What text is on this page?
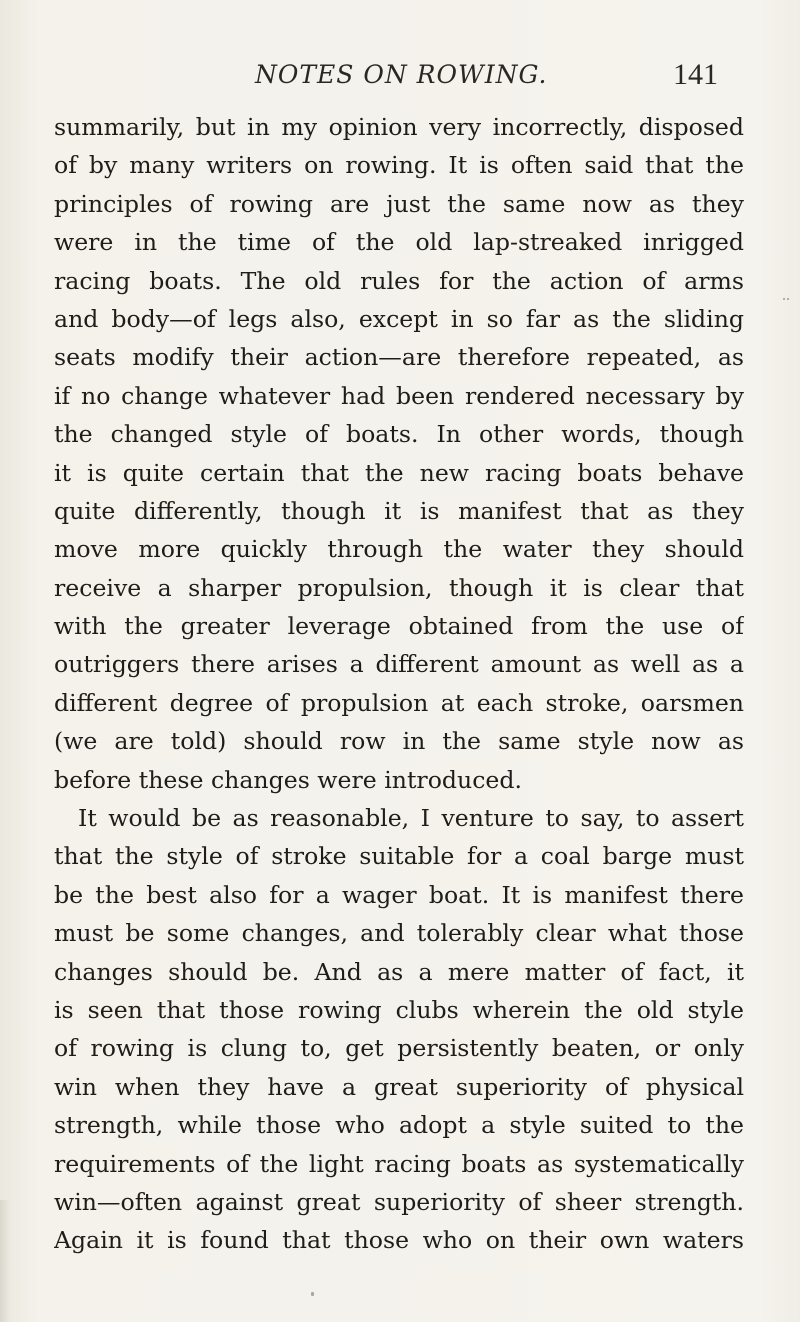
NOTES ON ROWING.	141
summarily, but in my opinion very incorrectly, disposed
of by many writers on rowing. It is often said that the
principles of rowing are just the same now as they
were in the time of the old lap-streaked inrigged
racing boats. The old rules for the action of arms
and body—of legs also, except in so far as the sliding
seats modify their action—are therefore repeated, as
if no change whatever had been rendered necessary by
the changed style of boats. In other words, though
it is quite certain that the new racing boats behave
quite differently, though it is manifest that as they
move more quickly through the water they should
receive a sharper propulsion, though it is clear that
with the greater leverage obtained from the use of
outriggers there arises a different amount as well as a
different degree of propulsion at each stroke, oarsmen
(we are told) should row in the same style now as
before these changes were introduced.
It would be as reasonable, I venture to say, to assert
that the style of stroke suitable for a coal barge must
be the best also for a wager boat. It is manifest there
must be some changes, and tolerably clear what those
changes should be. And as a mere matter of fact, it
is seen that those rowing clubs wherein the old style
of rowing is clung to, get persistently beaten, or only
win when they have a great superiority of physical
strength, while those who adopt a style suited to the
requirements of the light racing boats as systematically
win—often against great superiority of sheer strength.
Again it is found that those who on their own waters
